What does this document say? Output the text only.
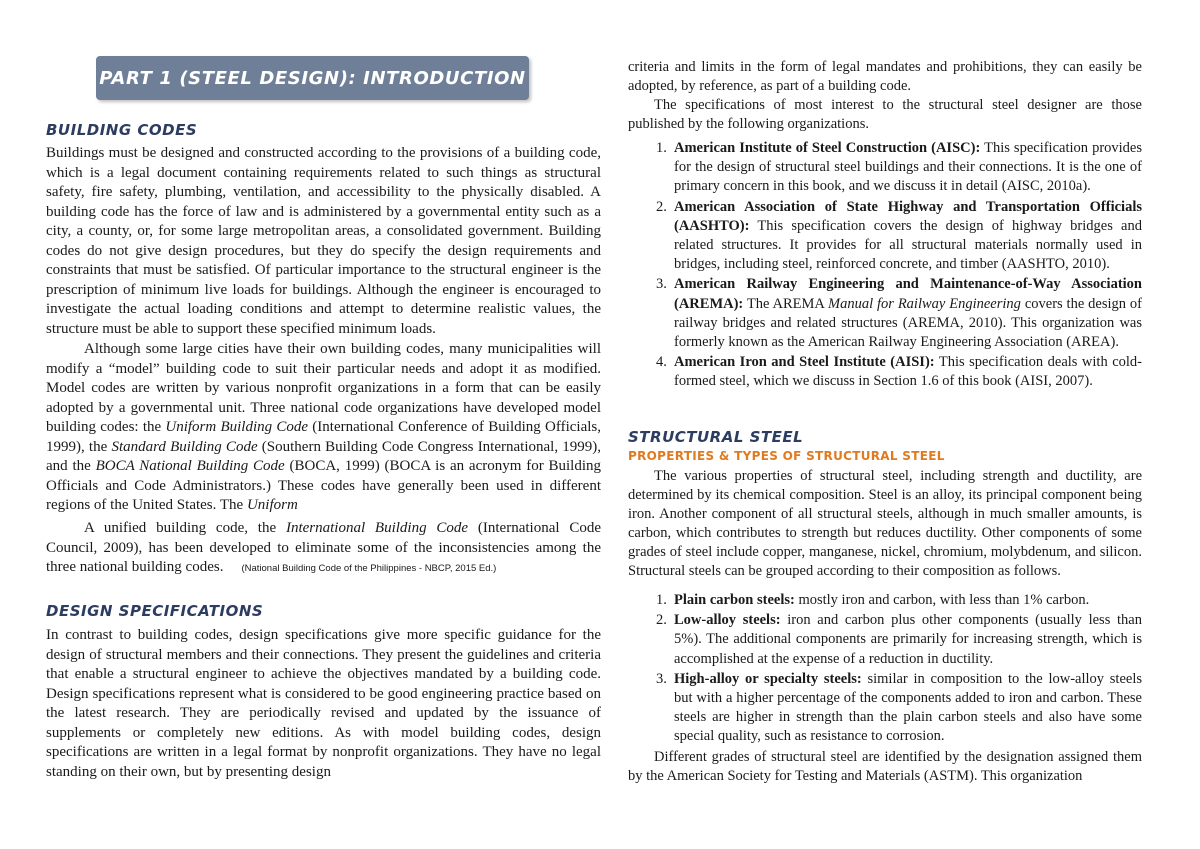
PART 1 (STEEL DESIGN): INTRODUCTION
BUILDING CODES

Buildings must be designed and constructed according to the provisions of a building code, which is a legal document containing requirements related to such things as structural safety, fire safety, plumbing, ventilation, and accessibility to the physically disabled. A building code has the force of law and is administered by a governmental entity such as a city, a county, or, for some large metropolitan areas, a consolidated government. Building codes do not give design procedures, but they do specify the design requirements and constraints that must be satisfied. Of particular importance to the structural engineer is the prescription of minimum live loads for buildings. Although the engineer is encouraged to investigate the actual loading conditions and attempt to determine realistic values, the structure must be able to support these specified minimum loads.

Although some large cities have their own building codes, many municipalities will modify a “model” building code to suit their particular needs and adopt it as modified. Model codes are written by various nonprofit organizations in a form that can be easily adopted by a governmental unit. Three national code organizations have developed model building codes: the Uniform Building Code (International Conference of Building Officials, 1999), the Standard Building Code (Southern Building Code Congress International, 1999), and the BOCA National Building Code (BOCA, 1999) (BOCA is an acronym for Building Officials and Code Administrators.) These codes have generally been used in different regions of the United States. The Uniform

A unified building code, the International Building Code (International Code Council, 2009), has been developed to eliminate some of the inconsistencies among the three national building codes. (National Building Code of the Philippines - NBCP, 2015 Ed.)

DESIGN SPECIFICATIONS

In contrast to building codes, design specifications give more specific guidance for the design of structural members and their connections. They present the guidelines and criteria that enable a structural engineer to achieve the objectives mandated by a building code. Design specifications represent what is considered to be good engineering practice based on the latest research. They are periodically revised and updated by the issuance of supplements or completely new editions. As with model building codes, design specifications are written in a legal format by nonprofit organizations. They have no legal standing on their own, but by presenting design

criteria and limits in the form of legal mandates and prohibitions, they can easily be adopted, by reference, as part of a building code.

The specifications of most interest to the structural steel designer are those published by the following organizations.

1. American Institute of Steel Construction (AISC): This specification provides for the design of structural steel buildings and their connections. It is the one of primary concern in this book, and we discuss it in detail (AISC, 2010a).
2. American Association of State Highway and Transportation Officials (AASHTO): This specification covers the design of highway bridges and related structures. It provides for all structural materials normally used in bridges, including steel, reinforced concrete, and timber (AASHTO, 2010).
3. American Railway Engineering and Maintenance-of-Way Association (AREMA): The AREMA Manual for Railway Engineering covers the design of railway bridges and related structures (AREMA, 2010). This organization was formerly known as the American Railway Engineering Association (AREA).
4. American Iron and Steel Institute (AISI): This specification deals with cold-formed steel, which we discuss in Section 1.6 of this book (AISI, 2007).
STRUCTURAL STEEL
PROPERTIES & TYPES OF STRUCTURAL STEEL

The various properties of structural steel, including strength and ductility, are determined by its chemical composition. Steel is an alloy, its principal component being iron. Another component of all structural steels, although in much smaller amounts, is carbon, which contributes to strength but reduces ductility. Other components of some grades of steel include copper, manganese, nickel, chromium, molybdenum, and silicon. Structural steels can be grouped according to their composition as follows.

1. Plain carbon steels: mostly iron and carbon, with less than 1% carbon.
2. Low-alloy steels: iron and carbon plus other components (usually less than 5%). The additional components are primarily for increasing strength, which is accomplished at the expense of a reduction in ductility.
3. High-alloy or specialty steels: similar in composition to the low-alloy steels but with a higher percentage of the components added to iron and carbon. These steels are higher in strength than the plain carbon steels and also have some special quality, such as resistance to corrosion.

Different grades of structural steel are identified by the designation assigned them by the American Society for Testing and Materials (ASTM). This organization
